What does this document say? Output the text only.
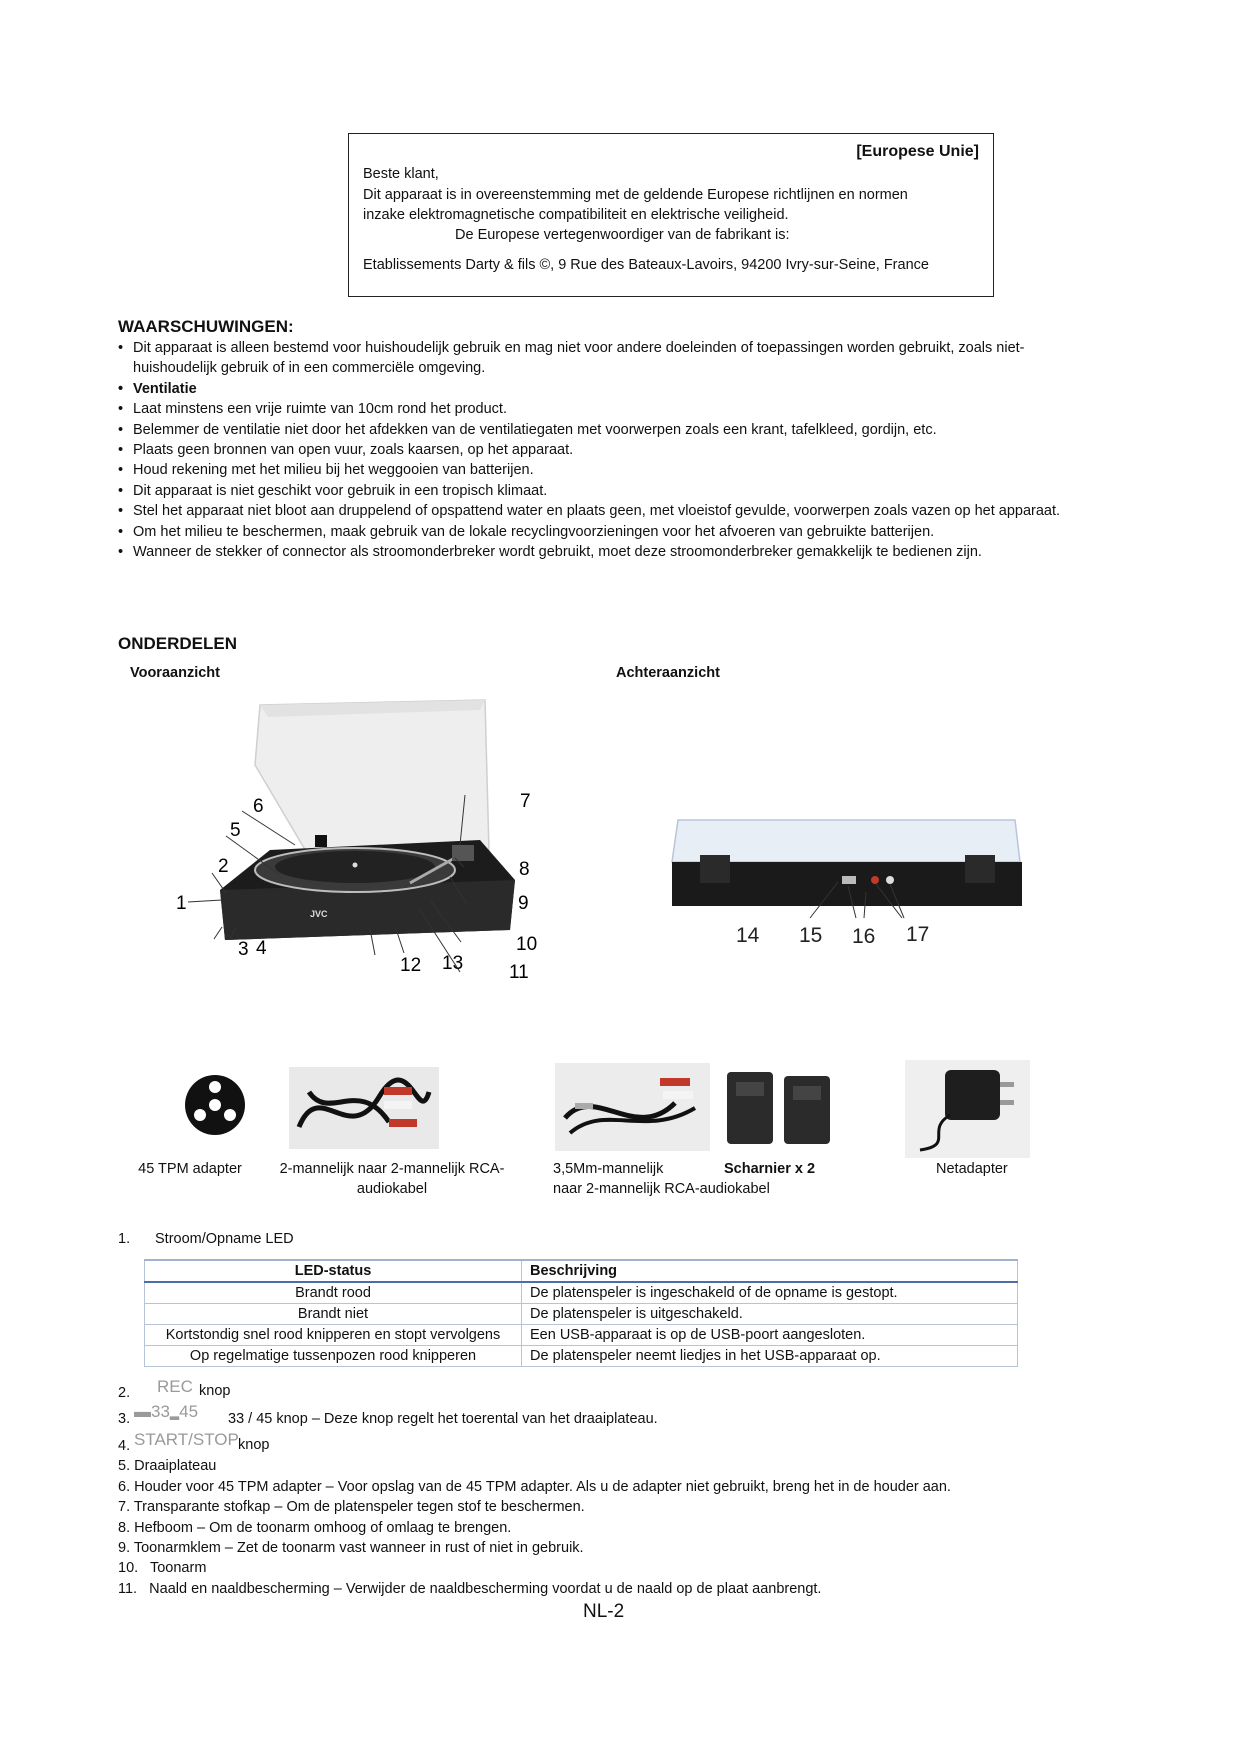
[Europese Unie]
Beste klant,
Dit apparaat is in overeenstemming met de geldende Europese richtlijnen en normen
inzake elektromagnetische compatibiliteit en elektrische veiligheid.
De Europese vertegenwoordiger van de fabrikant is:
Etablissements Darty & fils ©, 9 Rue des Bateaux-Lavoirs, 94200 Ivry-sur-Seine, France
WAARSCHUWINGEN:
• Dit apparaat is alleen bestemd voor huishoudelijk gebruik en mag niet voor andere doeleinden of toepassingen worden gebruikt, zoals niet-huishoudelijk gebruik of in een commerciële omgeving.
• Ventilatie
• Laat minstens een vrije ruimte van 10cm rond het product.
• Belemmer de ventilatie niet door het afdekken van de ventilatiegaten met voorwerpen zoals een krant, tafelkleed, gordijn, etc.
• Plaats geen bronnen van open vuur, zoals kaarsen, op het apparaat.
• Houd rekening met het milieu bij het weggooien van batterijen.
• Dit apparaat is niet geschikt voor gebruik in een tropisch klimaat.
• Stel het apparaat niet bloot aan druppelend of opspattend water en plaats geen, met vloeistof gevulde, voorwerpen zoals vazen op het apparaat.
• Om het milieu te beschermen, maak gebruik van de lokale recyclingvoorzieningen voor het afvoeren van gebruikte batterijen.
• Wanneer de stekker of connector als stroomonderbreker wordt gebruikt, moet deze stroomonderbreker gemakkelijk te bedienen zijn.
ONDERDELEN
Vooraanzicht	Achteraanzicht
JVC
1
2
3 4
5
6	7
8
9
10
11
12 13
14 15 16 17
45 TPM adapter	2-mannelijk naar 2-mannelijk RCA-
audiokabel
3,5Mm-mannelijk
naar 2-mannelijk RCA-audiokabel
Scharnier x 2	Netadapter
1. Stroom/Opname LED
LED-status	Beschrijving
Brandt rood	De platenspeler is ingeschakeld of de opname is gestopt.
Brandt niet	De platenspeler is uitgeschakeld.
Kortstondig snel rood knipperen en stopt vervolgens	Een USB-apparaat is op de USB-poort aangesloten.
Op regelmatige tussenpozen rood knipperen	De platenspeler neemt liedjes in het USB-apparaat op.
2. REC knop
3. ▬33▂45 33 / 45 knop – Deze knop regelt het toerental van het draaiplateau.
4. START/STOP knop
5. Draaiplateau
6. Houder voor 45 TPM adapter – Voor opslag van de 45 TPM adapter. Als u de adapter niet gebruikt, breng het in de houder aan.
7. Transparante stofkap – Om de platenspeler tegen stof te beschermen.
8. Hefboom – Om de toonarm omhoog of omlaag te brengen.
9. Toonarmklem – Zet de toonarm vast wanneer in rust of niet in gebruik.
10.   Toonarm
11.   Naald en naaldbescherming – Verwijder de naaldbescherming voordat u de naald op de plaat aanbrengt.
NL-2
